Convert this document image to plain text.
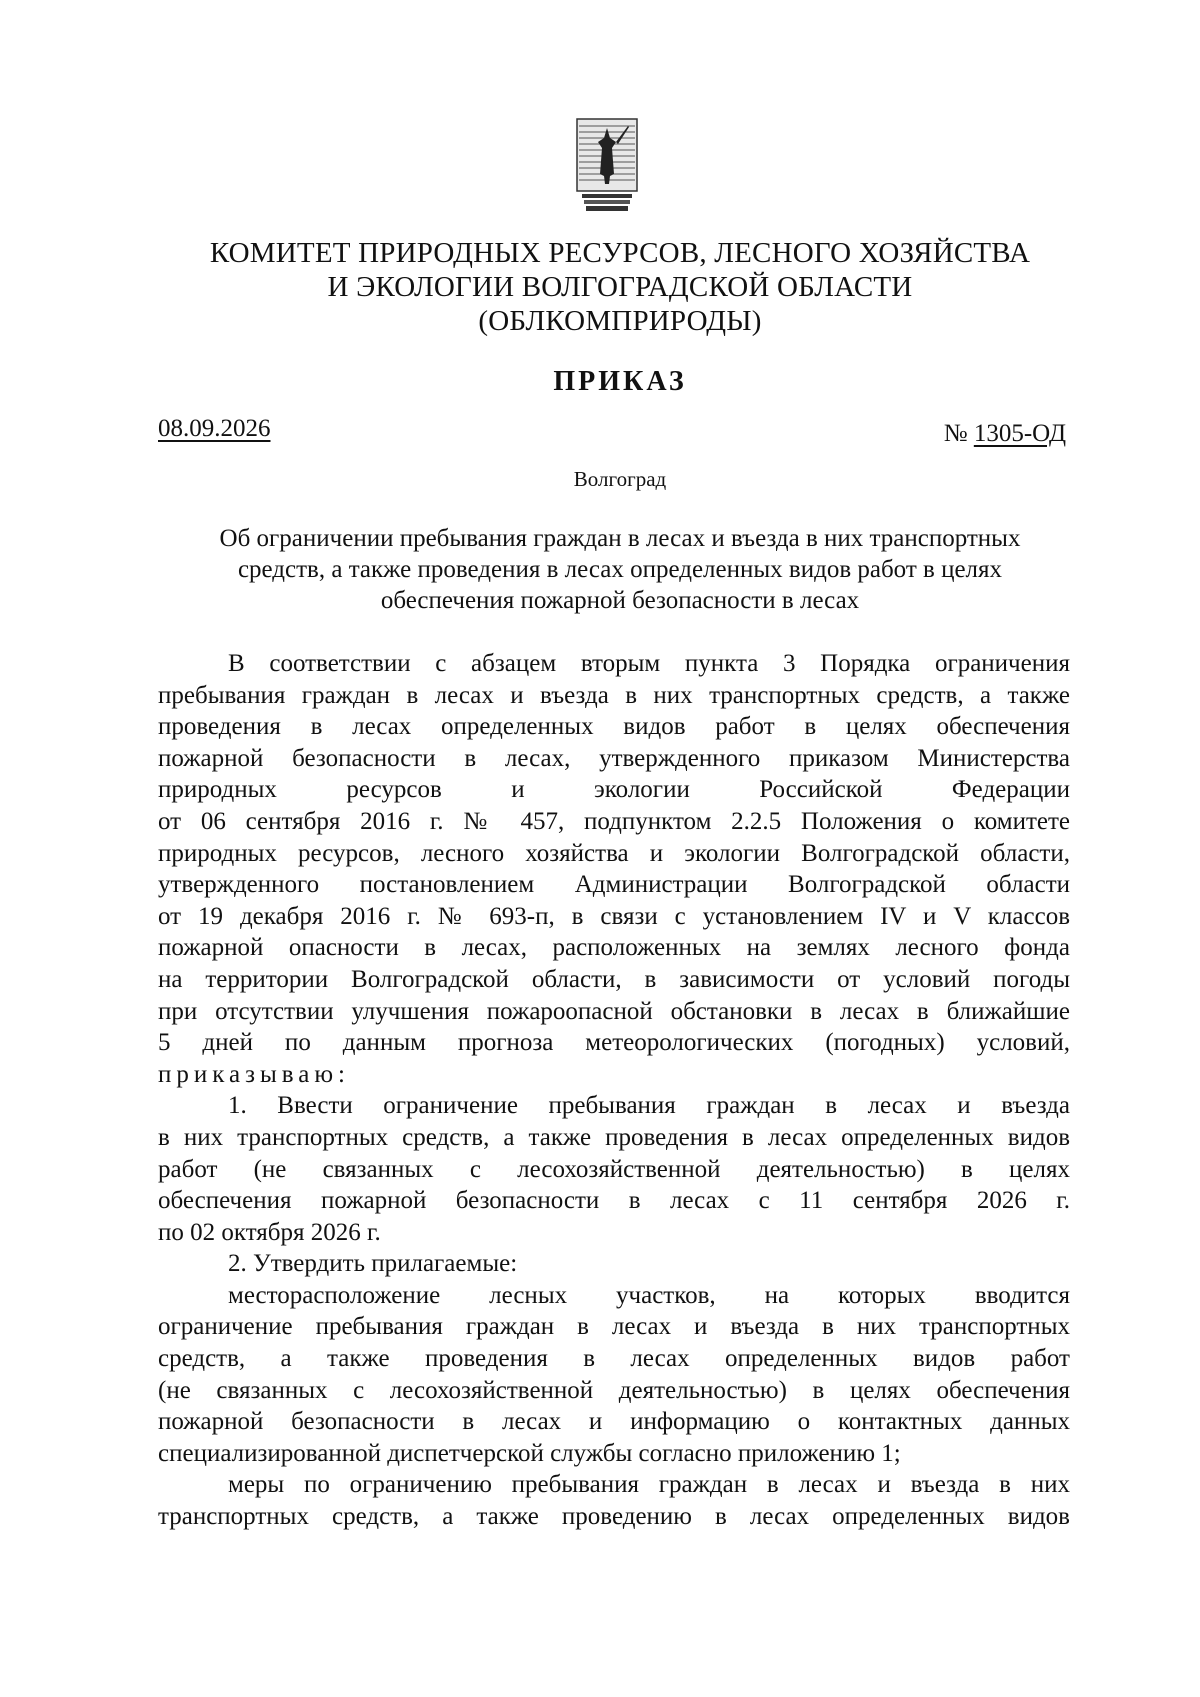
КОМИТЕТ ПРИРОДНЫХ РЕСУРСОВ, ЛЕСНОГО ХОЗЯЙСТВА
И ЭКОЛОГИИ ВОЛГОГРАДСКОЙ ОБЛАСТИ
(ОБЛКОМПРИРОДЫ)
ПРИКАЗ
08.09.2026	№ 1305-ОД
Волгоград
Об ограничении пребывания граждан в лесах и въезда в них транспортных
средств, а также проведения в лесах определенных видов работ в целях
обеспечения пожарной безопасности в лесах
В соответствии с абзацем вторым пункта 3 Порядка ограничения
пребывания граждан в лесах и въезда в них транспортных средств, а также
проведения в лесах определенных видов работ в целях обеспечения
пожарной безопасности в лесах, утвержденного приказом Министерства
природных ресурсов и экологии Российской Федерации
от 06 сентября 2016 г. № 457, подпунктом 2.2.5 Положения о комитете
природных ресурсов, лесного хозяйства и экологии Волгоградской области,
утвержденного постановлением Администрации Волгоградской области
от 19 декабря 2016 г. № 693-п, в связи с установлением IV и V классов
пожарной опасности в лесах, расположенных на землях лесного фонда
на территории Волгоградской области, в зависимости от условий погоды
при отсутствии улучшения пожароопасной обстановки в лесах в ближайшие
5 дней по данным прогноза метеорологических (погодных) условий,
приказываю:
1. Ввести ограничение пребывания граждан в лесах и въезда
в них транспортных средств, а также проведения в лесах определенных видов
работ (не связанных с лесохозяйственной деятельностью) в целях
обеспечения пожарной безопасности в лесах с 11 сентября 2026 г.
по 02 октября 2026 г.
2. Утвердить прилагаемые:
месторасположение лесных участков, на которых вводится
ограничение пребывания граждан в лесах и въезда в них транспортных
средств, а также проведения в лесах определенных видов работ
(не связанных с лесохозяйственной деятельностью) в целях обеспечения
пожарной безопасности в лесах и информацию о контактных данных
специализированной диспетчерской службы согласно приложению 1;
меры по ограничению пребывания граждан в лесах и въезда в них
транспортных средств, а также проведению в лесах определенных видов
